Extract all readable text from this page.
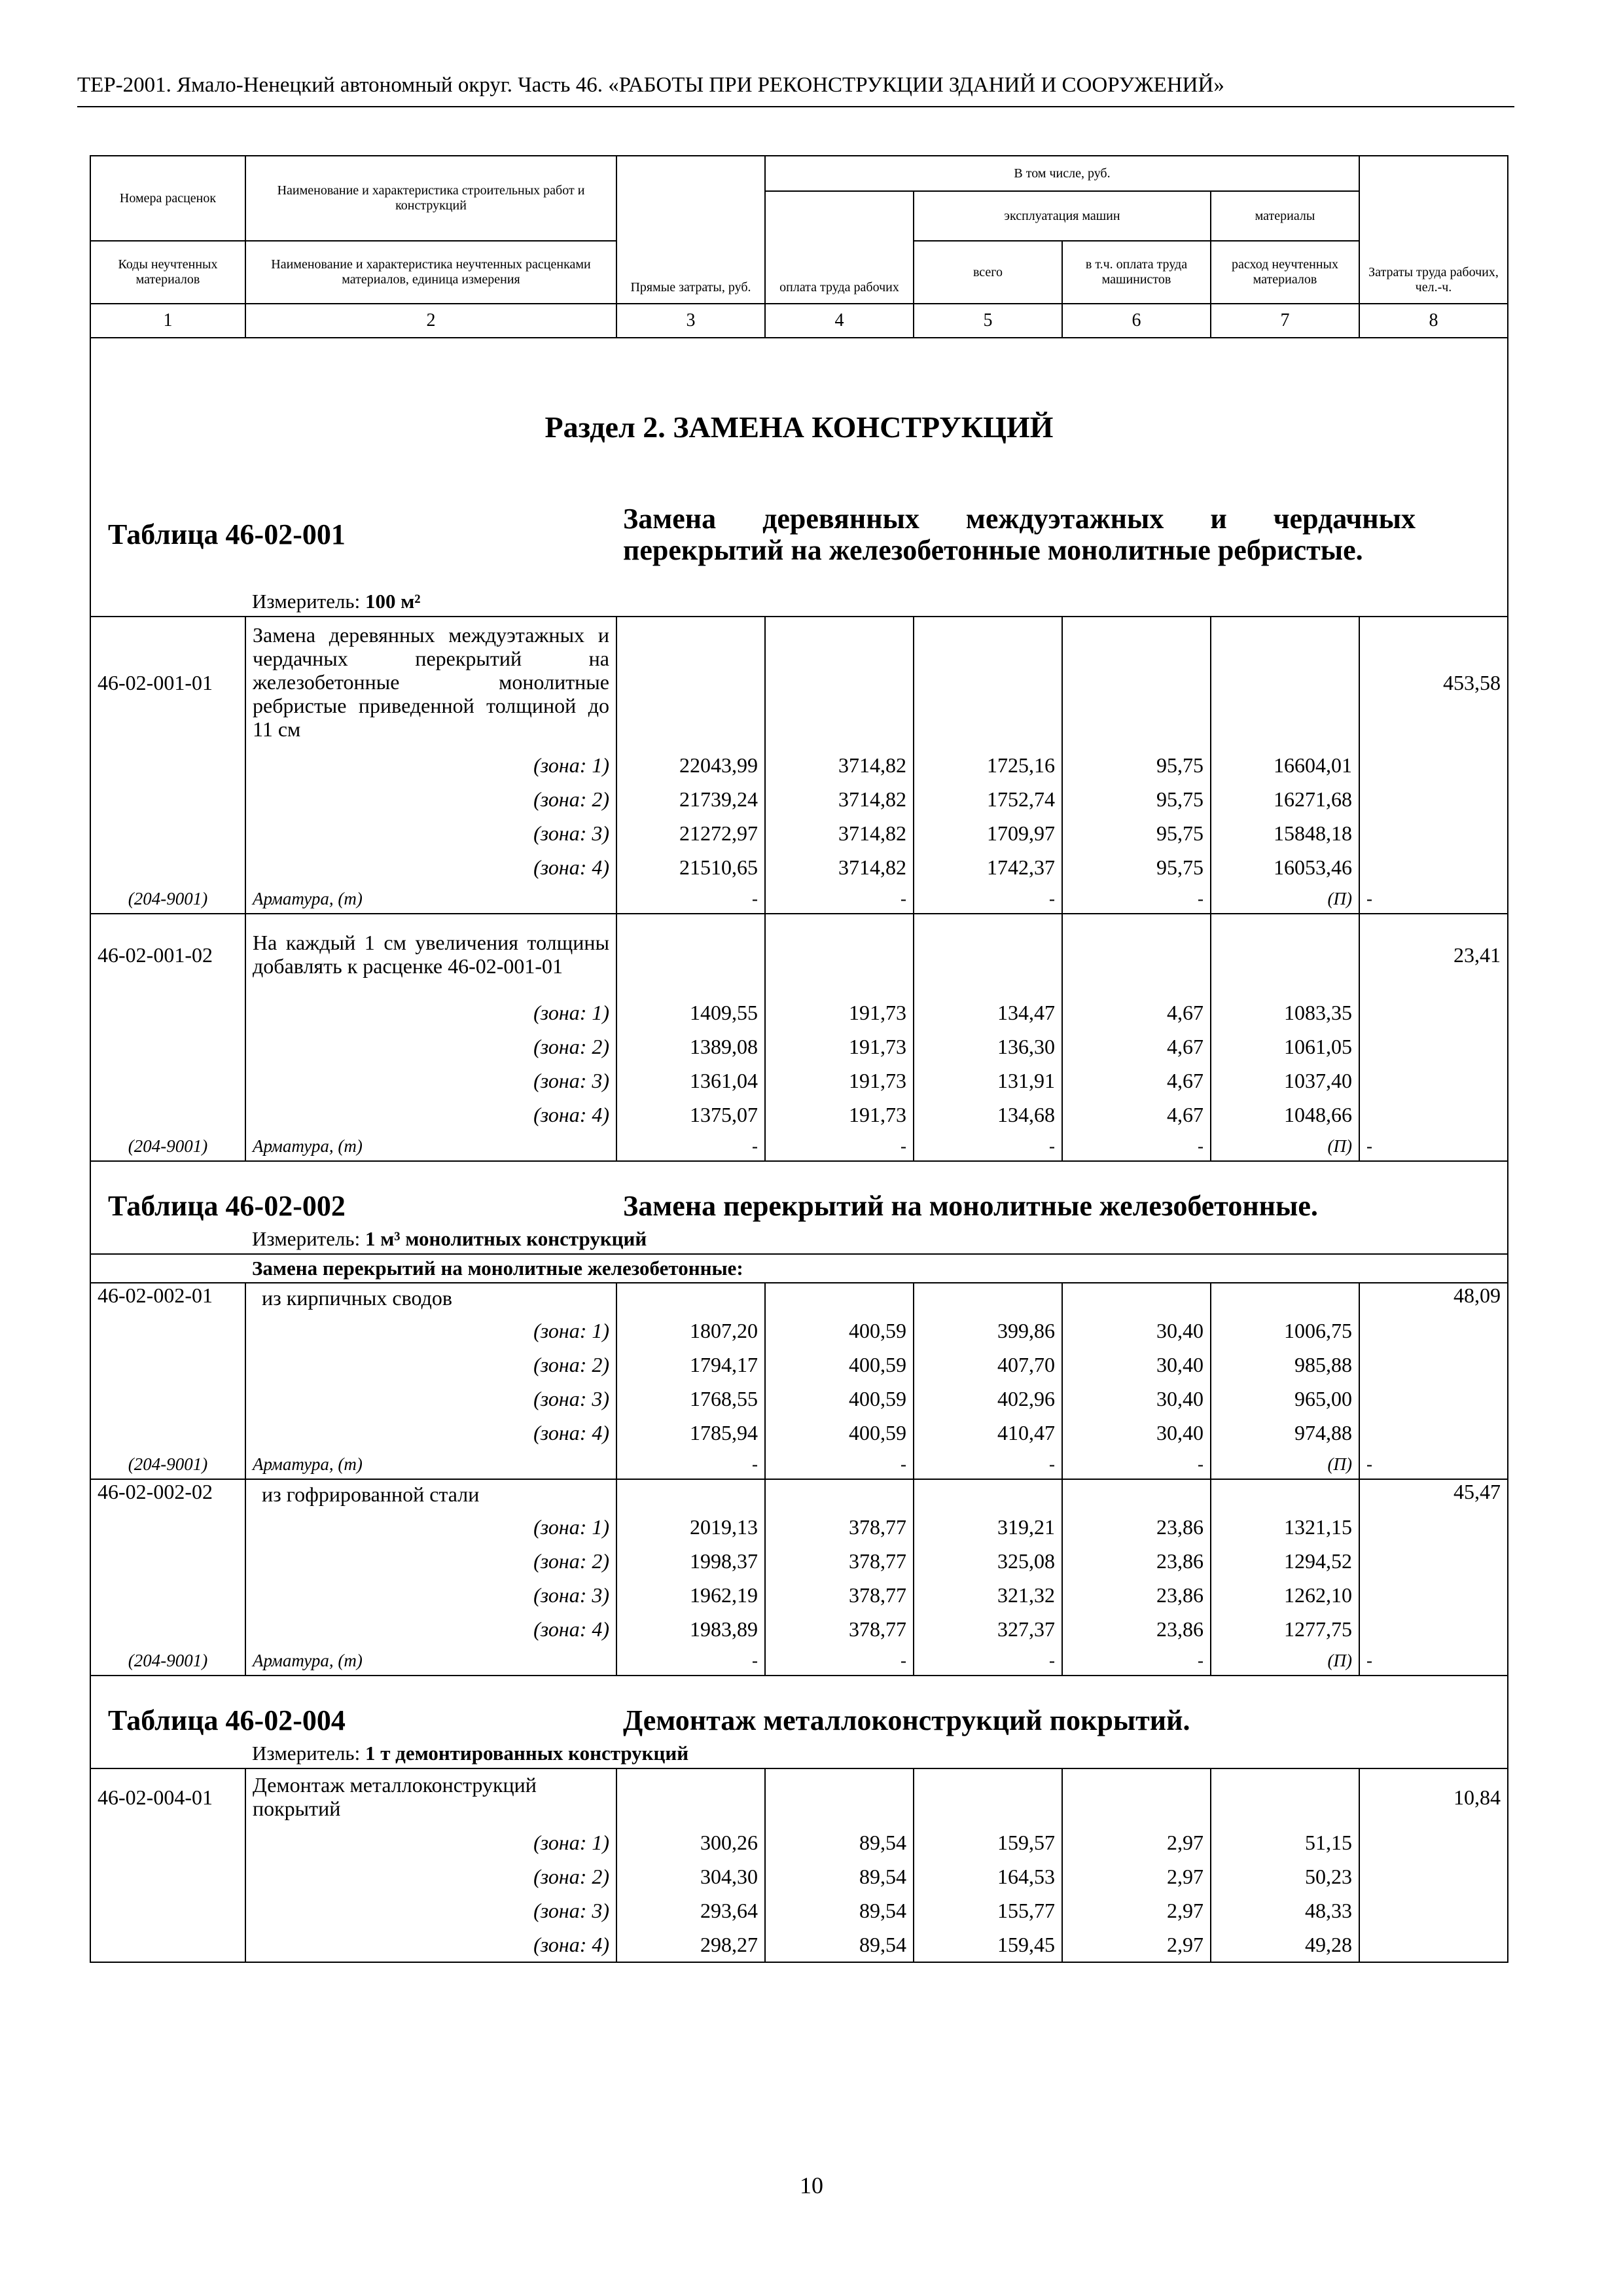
ТЕР-2001. Ямало-Ненецкий автономный округ. Часть 46. «РАБОТЫ ПРИ РЕКОНСТРУКЦИИ ЗДАНИЙ И СООРУЖЕНИЙ»
Номера расценок	Наименование и характеристика строительных работ и конструкций	Прямые затраты, руб.	В том числе, руб.				Затраты труда рабочих, чел.-ч.
			оплата труда рабочих	эксплуатация машин		материалы	
Коды неучтенных материалов	Наименование и характеристика неучтенных расценками материалов, единица измерения			всего	в т.ч. оплата труда машинистов	расход неучтенных материалов	
1	2	3	4	5	6	7	8
Раздел 2. ЗАМЕНА КОНСТРУКЦИЙ							
Таблица 46-02-001		Замена деревянных междуэтажных и чердачных перекрытий на железобетонные монолитные ребристые.					
	Измеритель: 100 м²						
46-02-001-01	Замена деревянных междуэтажных и чердачных перекрытий на железобетонные монолитные ребристые приведенной толщиной до 11 см						453,58
	(зона: 1)	22043,99	3714,82	1725,16	95,75	16604,01	
	(зона: 2)	21739,24	3714,82	1752,74	95,75	16271,68	
	(зона: 3)	21272,97	3714,82	1709,97	95,75	15848,18	
	(зона: 4)	21510,65	3714,82	1742,37	95,75	16053,46	
(204-9001)	Арматура, (т)	-	-	-	-	(П)	-
46-02-001-02	На каждый 1 см увеличения толщины добавлять к расценке 46-02-001-01						23,41
	(зона: 1)	1409,55	191,73	134,47	4,67	1083,35	
	(зона: 2)	1389,08	191,73	136,30	4,67	1061,05	
	(зона: 3)	1361,04	191,73	131,91	4,67	1037,40	
	(зона: 4)	1375,07	191,73	134,68	4,67	1048,66	
(204-9001)	Арматура, (т)	-	-	-	-	(П)	-
Таблица 46-02-002		Замена перекрытий на монолитные железобетонные.					
	Измеритель: 1 м³ монолитных конструкций						
	Замена перекрытий на монолитные железобетонные:						
46-02-002-01	из кирпичных сводов						48,09
	(зона: 1)	1807,20	400,59	399,86	30,40	1006,75	
	(зона: 2)	1794,17	400,59	407,70	30,40	985,88	
	(зона: 3)	1768,55	400,59	402,96	30,40	965,00	
	(зона: 4)	1785,94	400,59	410,47	30,40	974,88	
(204-9001)	Арматура, (т)	-	-	-	-	(П)	-
46-02-002-02	из гофрированной стали						45,47
	(зона: 1)	2019,13	378,77	319,21	23,86	1321,15	
	(зона: 2)	1998,37	378,77	325,08	23,86	1294,52	
	(зона: 3)	1962,19	378,77	321,32	23,86	1262,10	
	(зона: 4)	1983,89	378,77	327,37	23,86	1277,75	
(204-9001)	Арматура, (т)	-	-	-	-	(П)	-
Таблица 46-02-004		Демонтаж металлоконструкций покрытий.					
	Измеритель: 1 т демонтированных конструкций						
46-02-004-01	Демонтаж металлоконструкций покрытий						10,84
	(зона: 1)	300,26	89,54	159,57	2,97	51,15	
	(зона: 2)	304,30	89,54	164,53	2,97	50,23	
	(зона: 3)	293,64	89,54	155,77	2,97	48,33	
	(зона: 4)	298,27	89,54	159,45	2,97	49,28	
10
